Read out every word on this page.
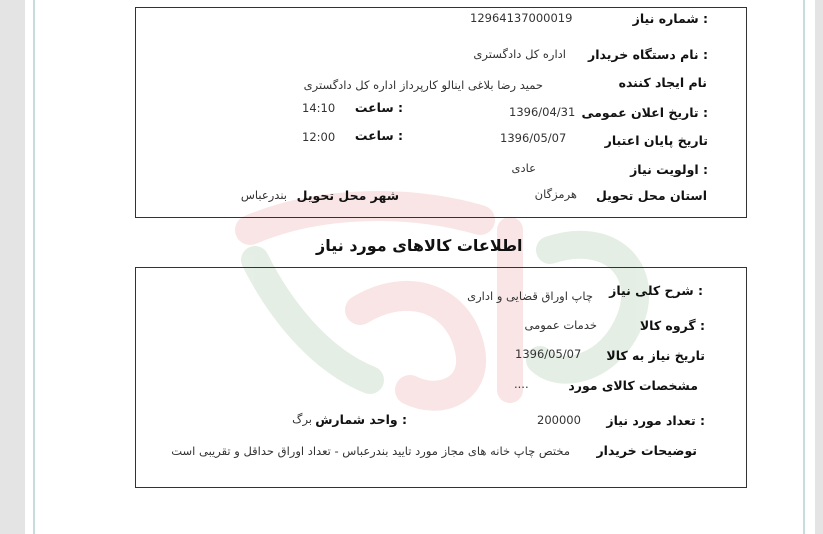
شماره نیاز :
12964137000019
نام دستگاه خریدار :
اداره کل دادگستری
نام ایجاد کننده
حمید رضا بلاغی اینالو کارپرداز اداره کل دادگستری
تاریخ اعلان عمومی :
1396/04/31
ساعت :
14:10
تاریخ پایان اعتبار
1396/05/07
ساعت :
12:00
اولویت نیاز :
عادی
استان محل تحویل
هرمزگان
شهر محل تحویل
بندرعباس
اطلاعات کالاهای مورد نیاز
شرح کلی نیاز :
چاپ اوراق قضایی و اداری
گروه کالا :
خدمات عمومی
تاریخ نیاز به کالا
1396/05/07
مشخصات کالای مورد
....
تعداد مورد نیاز :
200000
واحد شمارش :
برگ
توضیحات خریدار
مختص چاپ خانه های مجاز مورد تایید بندرعباس - تعداد اوراق حداقل و تقریبی است
